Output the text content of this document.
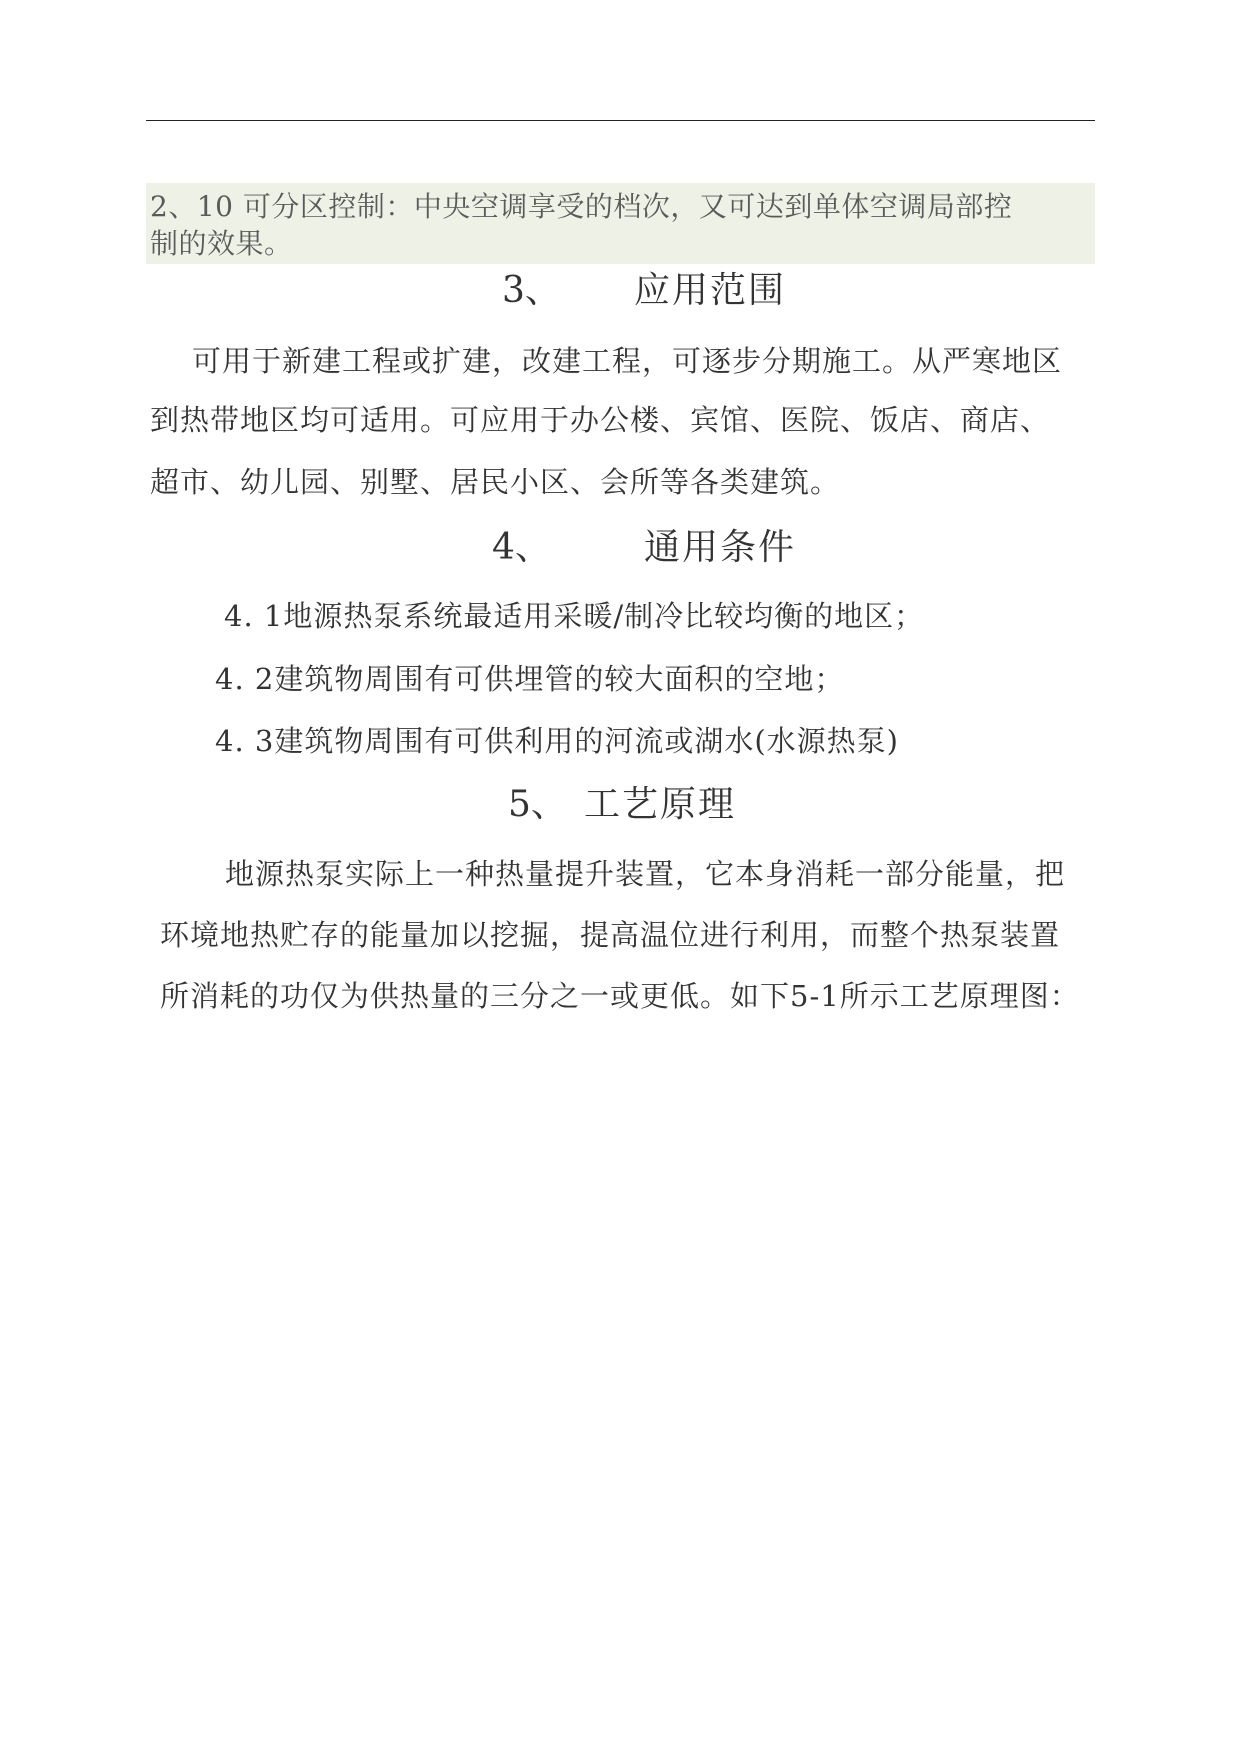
2、10 可分区控制：中央空调享受的档次，又可达到单体空调局部控
制的效果。
3、 应用范围
可用于新建工程或扩建，改建工程，可逐步分期施工。从严寒地区
到热带地区均可适用。可应用于办公楼、宾馆、医院、饭店、商店、
超市、幼儿园、别墅、居民小区、会所等各类建筑。
4、	通用条件
4. 1地源热泵系统最适用采暖/制冷比较均衡的地区；
4. 2建筑物周围有可供埋管的较大面积的空地；
4. 3建筑物周围有可供利用的河流或湖水(水源热泵)
5、 工艺原理
地源热泵实际上一种热量提升装置，它本身消耗一部分能量，把
环境地热贮存的能量加以挖掘，提高温位进行利用，而整个热泵装置
所消耗的功仅为供热量的三分之一或更低。如下5-1所示工艺原理图：
